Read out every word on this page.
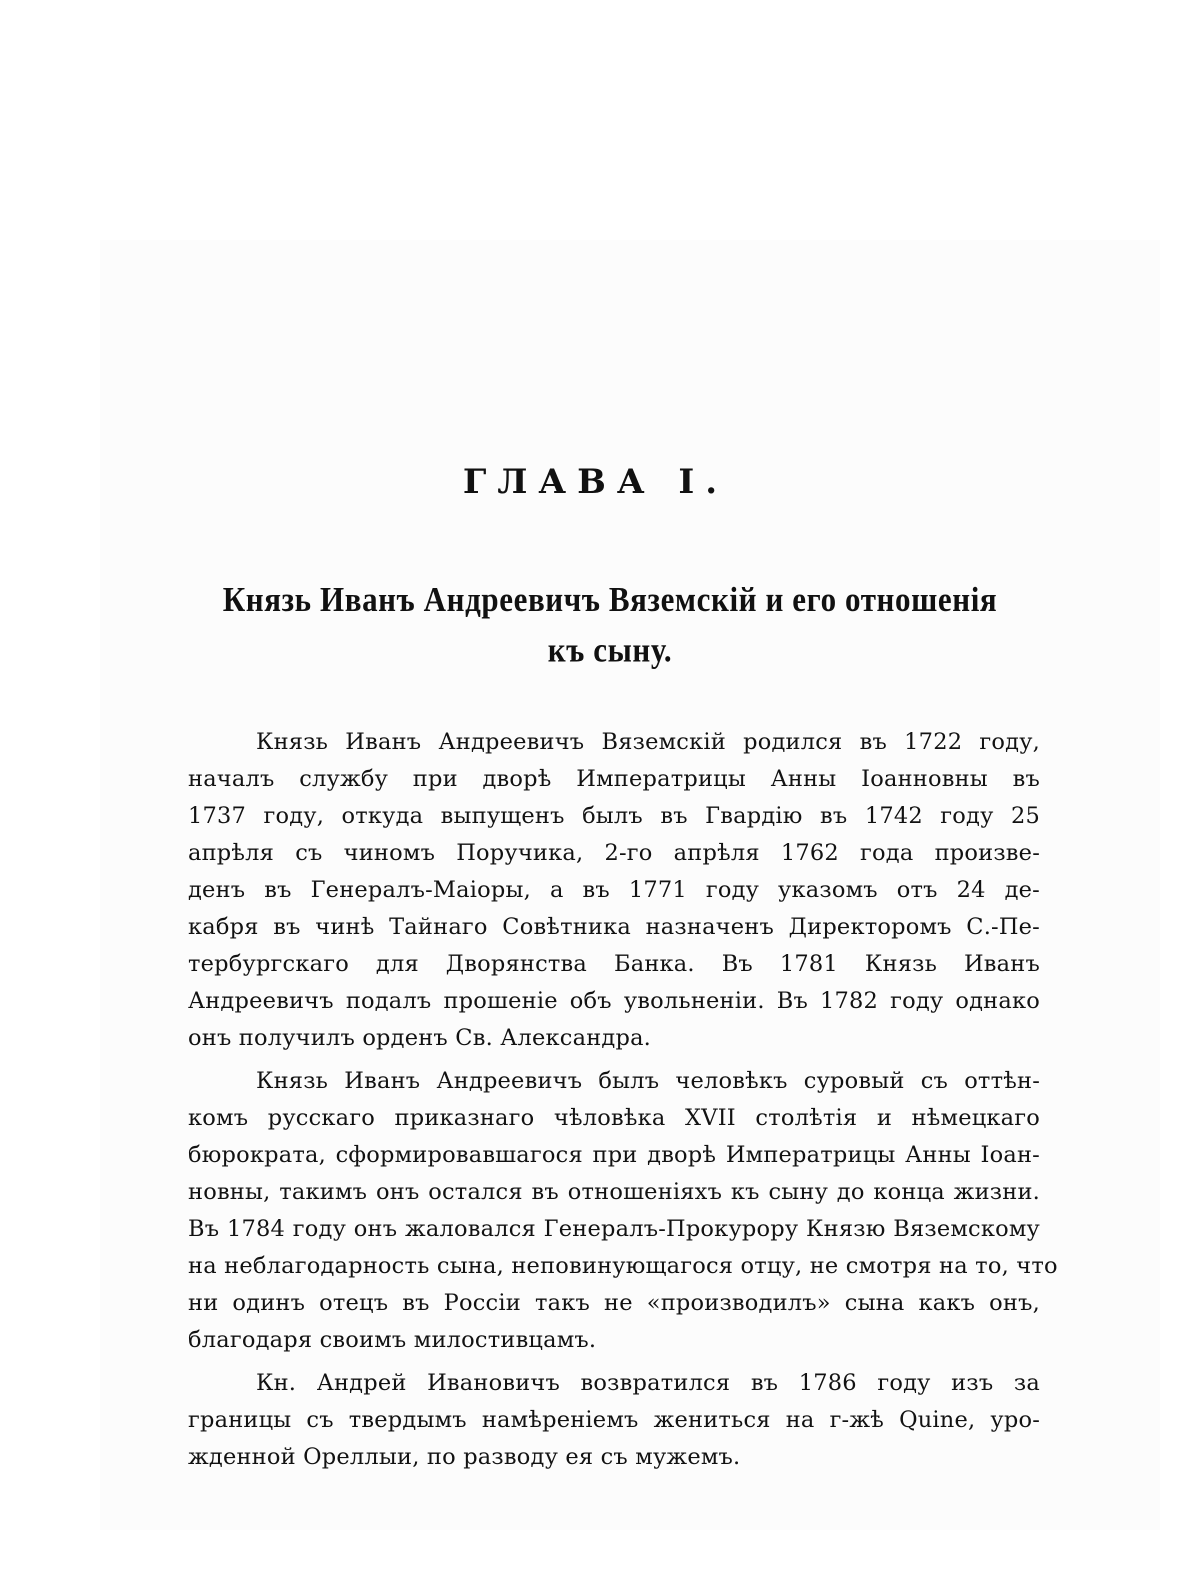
ГЛАВА I.
Князь Иванъ Андреевичъ Вяземскій и его отношенія
къ сыну.
Князь Иванъ Андреевичъ Вяземскій родился въ 1722 году,
началъ службу при дворѣ Императрицы Анны Іоанновны въ
1737 году, откуда выпущенъ былъ въ Гвардію въ 1742 году 25
апрѣля съ чиномъ Поручика, 2-го апрѣля 1762 года произве-
денъ въ Генералъ-Маіоры, а въ 1771 году указомъ отъ 24 де-
кабря въ чинѣ Тайнаго Совѣтника назначенъ Директоромъ С.-Пе-
тербургскаго для Дворянства Банка. Въ 1781 Князь Иванъ
Андреевичъ подалъ прошеніе объ увольненіи. Въ 1782 году однако
онъ получилъ орденъ Св. Александра.
Князь Иванъ Андреевичъ былъ человѣкъ суровый съ оттѣн-
комъ русскаго приказнаго чѣловѣка XVII столѣтія и нѣмецкаго
бюрократа, сформировавшагося при дворѣ Императрицы Анны Іоан-
новны, такимъ онъ остался въ отношеніяхъ къ сыну до конца жизни.
Въ 1784 году онъ жаловался Генералъ-Прокурору Князю Вяземскому
на неблагодарность сына, неповинующагося отцу, не смотря на то, что
ни одинъ отецъ въ Россіи такъ не «производилъ» сына какъ онъ,
благодаря своимъ милостивцамъ.
Кн. Андрей Ивановичъ возвратился въ 1786 году изъ за
границы съ твердымъ намѣреніемъ жениться на г-жѣ Quine, уро-
жденной Ореллыи, по разводу ея съ мужемъ.
